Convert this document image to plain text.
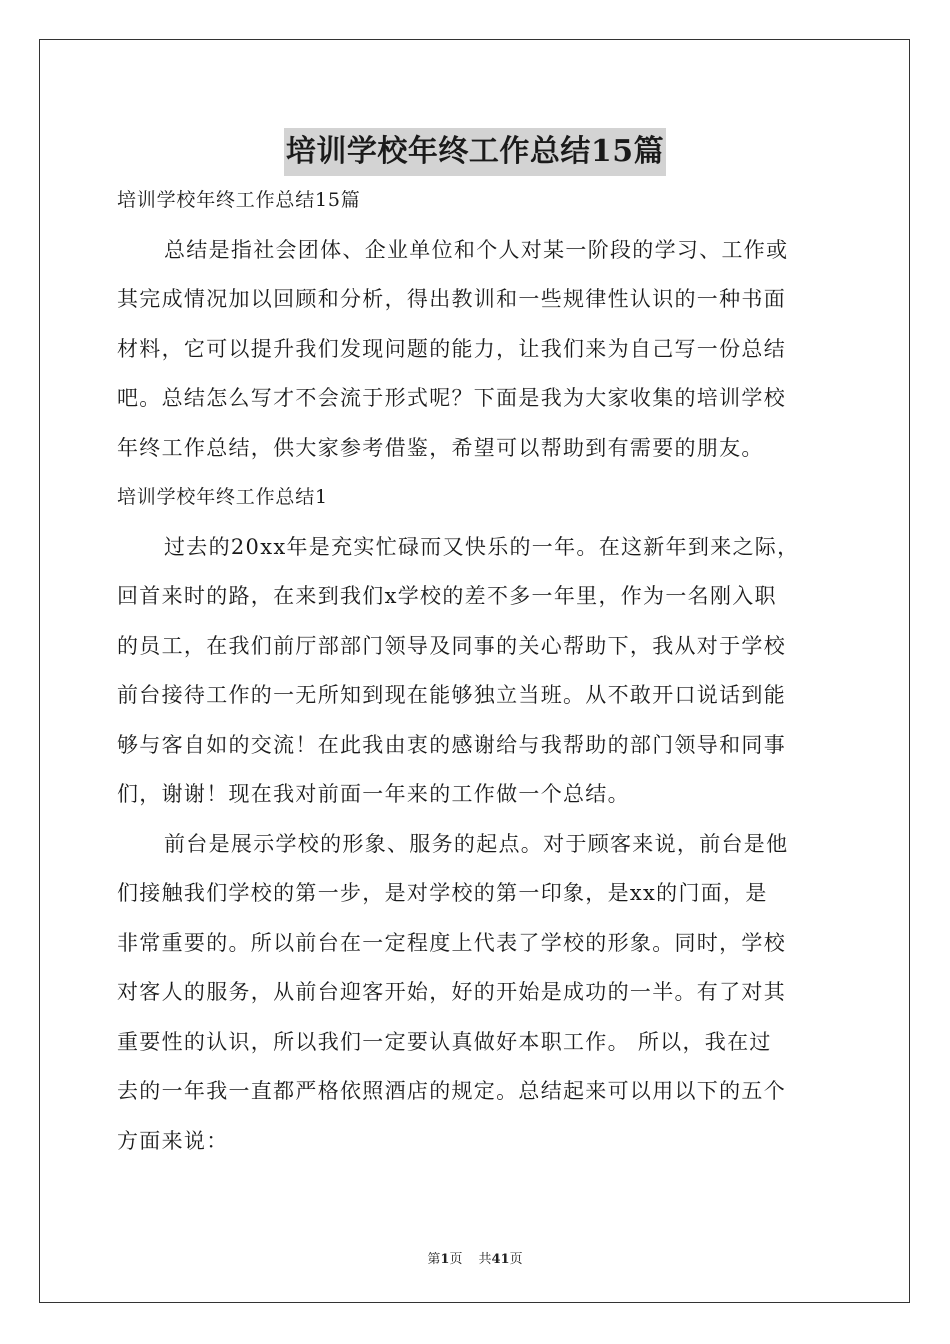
培训学校年终工作总结15篇
培训学校年终工作总结15篇
总结是指社会团体、企业单位和个人对某一阶段的学习、工作或
其完成情况加以回顾和分析，得出教训和一些规律性认识的一种书面
材料，它可以提升我们发现问题的能力，让我们来为自己写一份总结
吧。总结怎么写才不会流于形式呢？下面是我为大家收集的培训学校
年终工作总结，供大家参考借鉴，希望可以帮助到有需要的朋友。
培训学校年终工作总结1
过去的20xx年是充实忙碌而又快乐的一年。在这新年到来之际，
回首来时的路，在来到我们x学校的差不多一年里，作为一名刚入职
的员工，在我们前厅部部门领导及同事的关心帮助下，我从对于学校
前台接待工作的一无所知到现在能够独立当班。从不敢开口说话到能
够与客自如的交流！在此我由衷的感谢给与我帮助的部门领导和同事
们，谢谢！现在我对前面一年来的工作做一个总结。
前台是展示学校的形象、服务的起点。对于顾客来说，前台是他
们接触我们学校的第一步，是对学校的第一印象，是xx的门面，是
非常重要的。所以前台在一定程度上代表了学校的形象。同时，学校
对客人的服务，从前台迎客开始，好的开始是成功的一半。有了对其
重要性的认识，所以我们一定要认真做好本职工作。 所以，我在过
去的一年我一直都严格依照酒店的规定。总结起来可以用以下的五个
方面来说：
第1页 共41页
